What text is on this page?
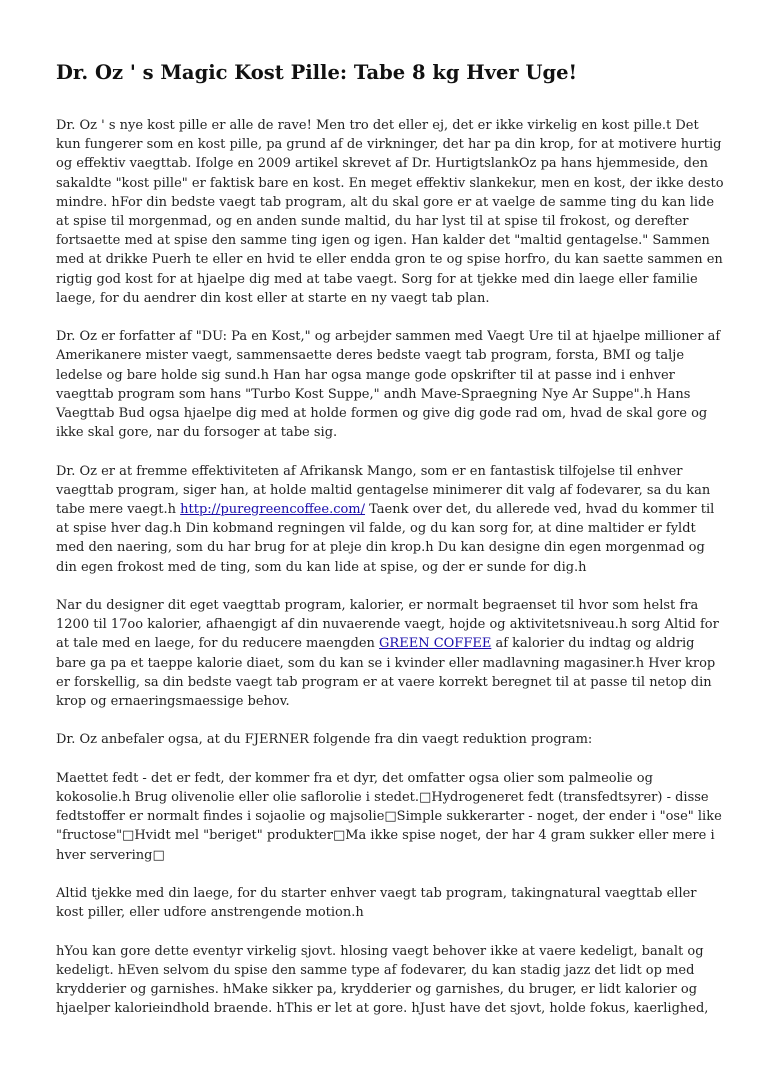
Dr. Oz ' s Magic Kost Pille: Tabe 8 kg Hver Uge!

Dr. Oz ' s nye kost pille er alle de rave! Men tro det eller ej, det er ikke virkelig en kost pille.t Det
kun fungerer som en kost pille, pa grund af de virkninger, det har pa din krop, for at motivere hurtig
og effektiv vaegttab. Ifolge en 2009 artikel skrevet af Dr. HurtigtslankOz pa hans hjemmeside, den
sakaldte "kost pille" er faktisk bare en kost. En meget effektiv slankekur, men en kost, der ikke desto
mindre. hFor din bedste vaegt tab program, alt du skal gore er at vaelge de samme ting du kan lide
at spise til morgenmad, og en anden sunde maltid, du har lyst til at spise til frokost, og derefter
fortsaette med at spise den samme ting igen og igen. Han kalder det "maltid gentagelse." Sammen
med at drikke Puerh te eller en hvid te eller endda gron te og spise horfro, du kan saette sammen en
rigtig god kost for at hjaelpe dig med at tabe vaegt. Sorg for at tjekke med din laege eller familie
laege, for du aendrer din kost eller at starte en ny vaegt tab plan.

Dr. Oz er forfatter af "DU: Pa en Kost," og arbejder sammen med Vaegt Ure til at hjaelpe millioner af
Amerikanere mister vaegt, sammensaette deres bedste vaegt tab program, forsta, BMI og talje
ledelse og bare holde sig sund.h Han har ogsa mange gode opskrifter til at passe ind i enhver
vaegttab program som hans "Turbo Kost Suppe," andh Mave-Spraegning Nye Ar Suppe".h Hans
Vaegttab Bud ogsa hjaelpe dig med at holde formen og give dig gode rad om, hvad de skal gore og
ikke skal gore, nar du forsoger at tabe sig.

Dr. Oz er at fremme effektiviteten af Afrikansk Mango, som er en fantastisk tilfojelse til enhver
vaegttab program, siger han, at holde maltid gentagelse minimerer dit valg af fodevarer, sa du kan
tabe mere vaegt.h http://puregreencoffee.com/ Taenk over det, du allerede ved, hvad du kommer til
at spise hver dag.h Din kobmand regningen vil falde, og du kan sorg for, at dine maltider er fyldt
med den naering, som du har brug for at pleje din krop.h Du kan designe din egen morgenmad og
din egen frokost med de ting, som du kan lide at spise, og der er sunde for dig.h

Nar du designer dit eget vaegttab program, kalorier, er normalt begraenset til hvor som helst fra
1200 til 17oo kalorier, afhaengigt af din nuvaerende vaegt, hojde og aktivitetsniveau.h sorg Altid for
at tale med en laege, for du reducere maengden GREEN COFFEE af kalorier du indtag og aldrig
bare ga pa et taeppe kalorie diaet, som du kan se i kvinder eller madlavning magasiner.h Hver krop
er forskellig, sa din bedste vaegt tab program er at vaere korrekt beregnet til at passe til netop din
krop og ernaeringsmaessige behov.

Dr. Oz anbefaler ogsa, at du FJERNER folgende fra din vaegt reduktion program:

Maettet fedt - det er fedt, der kommer fra et dyr, det omfatter ogsa olier som palmeolie og
kokosolie.h Brug olivenolie eller olie saflorolie i stedet.□Hydrogeneret fedt (transfedtsyrer) - disse
fedtstoffer er normalt findes i sojaolie og majsolie□Simple sukkerarter - noget, der ender i "ose" like
"fructose"□Hvidt mel "beriget" produkter□Ma ikke spise noget, der har 4 gram sukker eller mere i
hver servering□

Altid tjekke med din laege, for du starter enhver vaegt tab program, takingnatural vaegttab eller
kost piller, eller udfore anstrengende motion.h

hYou kan gore dette eventyr virkelig sjovt. hlosing vaegt behover ikke at vaere kedeligt, banalt og
kedeligt. hEven selvom du spise den samme type af fodevarer, du kan stadig jazz det lidt op med
krydderier og garnishes. hMake sikker pa, krydderier og garnishes, du bruger, er lidt kalorier og
hjaelper kalorieindhold braende. hThis er let at gore. hJust have det sjovt, holde fokus, kaerlighed,
